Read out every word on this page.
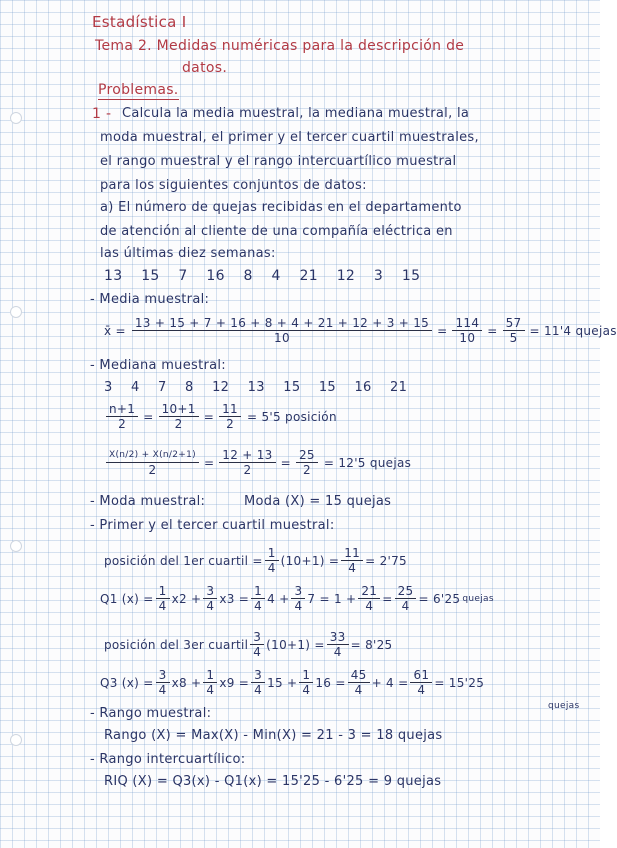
Estadística I
Tema 2. Medidas numéricas para la descripción de
datos.
Problemas.
1 - Calcula la media muestral, la mediana muestral, la
moda muestral, el primer y el tercer cuartil muestrales,
el rango muestral y el rango intercuartílico muestral
para los siguientes conjuntos de datos:
a) El número de quejas recibidas en el departamento
de atención al cliente de una compañía eléctrica en
las últimas diez semanas:
13 15 7 16 8 4 21 12 3 15
- Media muestral:
x̄ = $\frac{13 + 15 + 7 + 16 + 8 + 4 + 21 + 12 + 3 + 15}{10} = \frac{114}{10} = \frac{57}{5} = 11'4$ quejas
- Mediana muestral:
3 4 7 8 12 13 15 15 16 21
$\frac{n+1}{2} = \frac{10+1}{2} = \frac{11}{2} = 5'5$ posición
$\frac{X(n/2) + X(n/2+1)}{2} = \frac{12 + 13}{2} = \frac{25}{2} = 12'5$ quejas
- Moda muestral:	Moda (X) = 15 quejas
- Primer y el tercer cuartil muestral:
posición del 1er cuartil = $\frac{1}{4} (10+1) = \frac{11}{4} = 2'75$
Q1 $(x) = \frac{1}{4} x2 + \frac{3}{4} x3 = \frac{1}{4} 4 + \frac{3}{4} 7 = 1 + \frac{21}{4} = \frac{25}{4} = 6'25$ quejas
posición del 3er cuartil $\frac{3}{4} (10+1) = \frac{33}{4} = 8'25$
Q3 $(x) = \frac{3}{4} x8 + \frac{1}{4} x9 = \frac{3}{4} 15 + \frac{1}{4} 16 = \frac{45}{4} + 4 = \frac{61}{4} = 15'25$
quejas
- Rango muestral:
Rango (X) = Max(X) - Min(X) = 21 - 3 = 18 quejas
- Rango intercuartílico:
RIQ (X) = Q3(x) - Q1(x) = 15'25 - 6'25 = 9 quejas
